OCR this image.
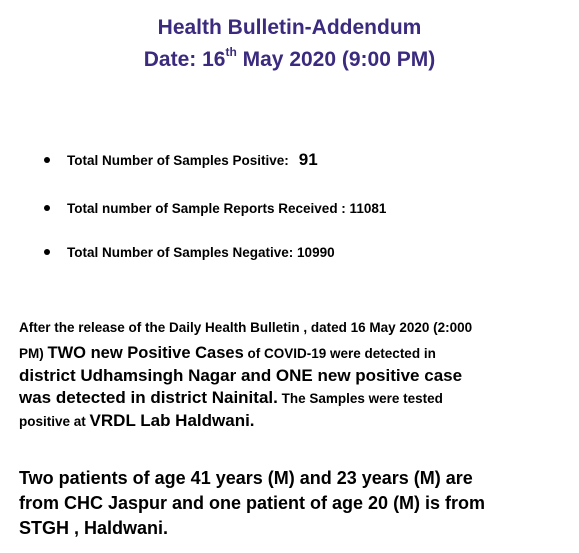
Health Bulletin-Addendum
Date: 16th May 2020 (9:00 PM)
Total Number of Samples Positive: 91
Total number of Sample Reports Received : 11081
Total Number of Samples Negative: 10990
After the release of the Daily Health Bulletin , dated 16 May 2020 (2:000
PM) TWO new Positive Cases of COVID-19 were detected in
district Udhamsingh Nagar and ONE new positive case
was detected in district Nainital. The Samples were tested
positive at VRDL Lab Haldwani.
Two patients of age 41 years (M) and 23 years (M) are
from CHC Jaspur and one patient of age 20 (M) is from
STGH , Haldwani.
